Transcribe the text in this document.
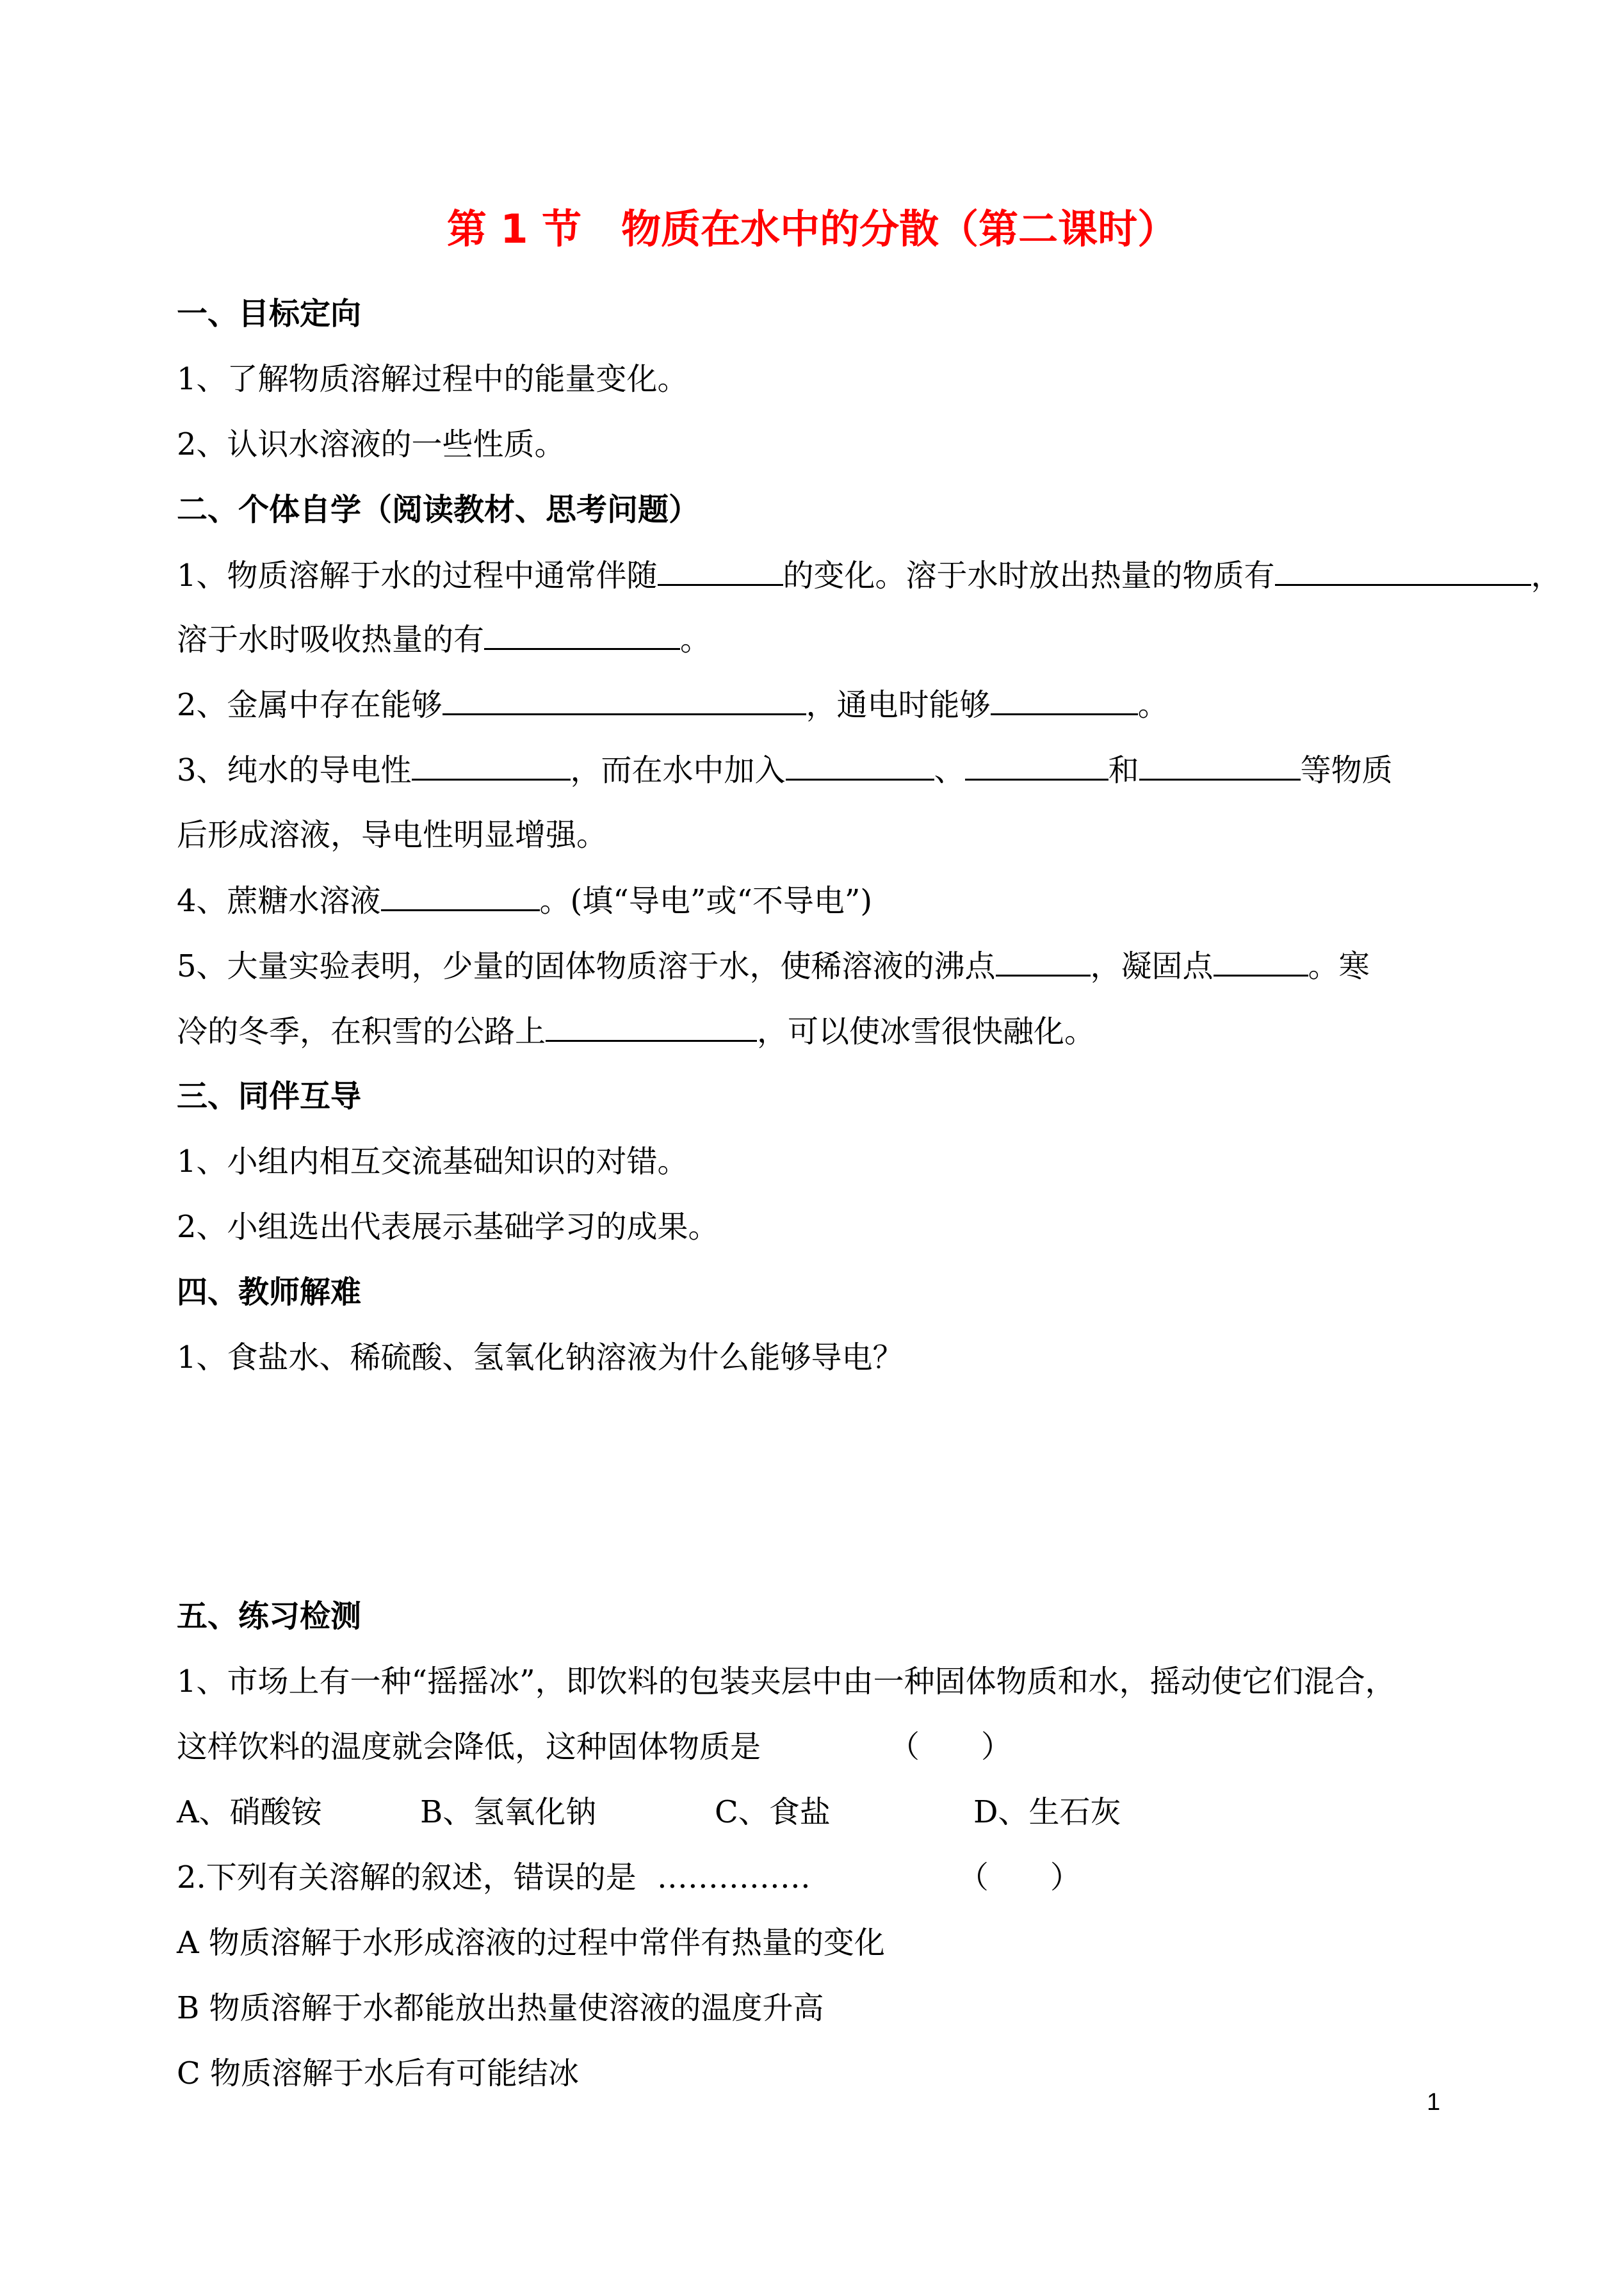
第 1 节　物质在水中的分散（第二课时）
一、目标定向
1、了解物质溶解过程中的能量变化。
2、认识水溶液的一些性质。
二、个体自学（阅读教材、思考问题）
1、物质溶解于水的过程中通常伴随	的变化。溶于水时放出热量的物质有	，
溶于水时吸收热量的有	。
2、金属中存在能够	，通电时能够	。
3、纯水的导电性	，而在水中加入	、	和	等物质
后形成溶液，导电性明显增强。
4、蔗糖水溶液	。(填“导电”或“不导电”)
5、大量实验表明，少量的固体物质溶于水，使稀溶液的沸点	，凝固点	。寒
冷的冬季，在积雪的公路上	，可以使冰雪很快融化。
三、同伴互导
1、小组内相互交流基础知识的对错。
2、小组选出代表展示基础学习的成果。
四、教师解难
1、食盐水、稀硫酸、氢氧化钠溶液为什么能够导电？
五、练习检测
1、市场上有一种“摇摇冰”，即饮料的包装夹层中由一种固体物质和水，摇动使它们混合，
这样饮料的温度就会降低，这种固体物质是	（　　）
A、硝酸铵	B、氢氧化钠	C、食盐	D、生石灰
2.下列有关溶解的叙述，错误的是 ……………	（　　）
A 物质溶解于水形成溶液的过程中常伴有热量的变化
B 物质溶解于水都能放出热量使溶液的温度升高
C 物质溶解于水后有可能结冰
1
